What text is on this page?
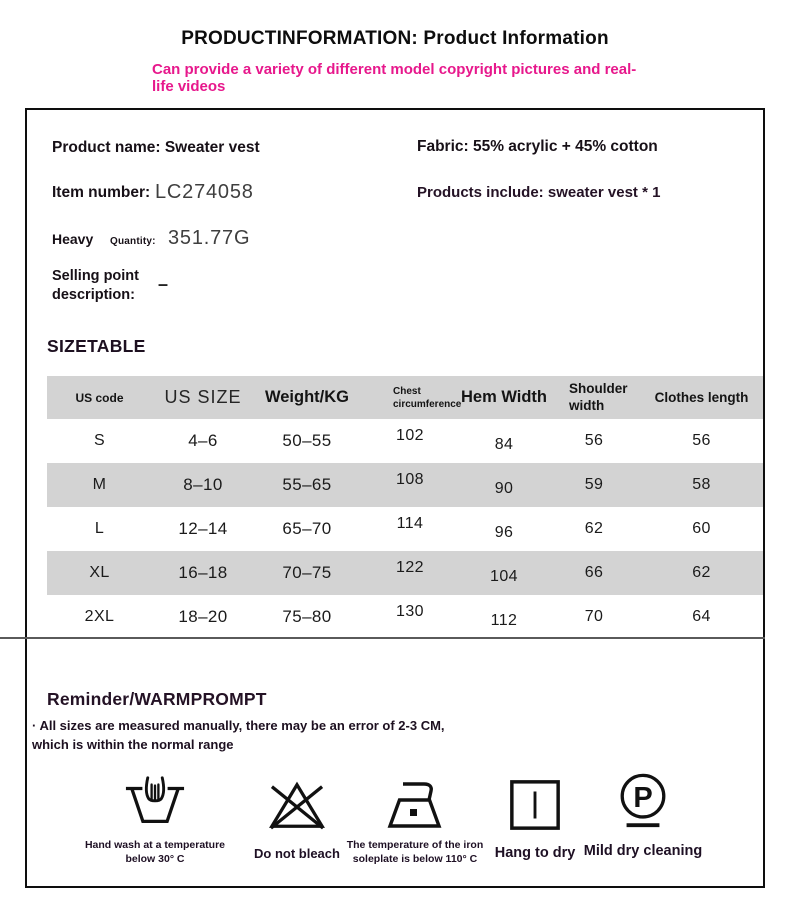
PRODUCTINFORMATION: Product Information
Can provide a variety of different model copyright pictures and real-life videos
Product name: Sweater vest	Fabric: 55% acrylic + 45% cotton
Item number: LC274058	Products include: sweater vest * 1
Heavy Quantity: 351.77G
Selling point description:
–
SIZETABLE
US code	US SIZE	Weight/KG	Chest circumference	Hem Width	Shoulder width	Clothes length
S	4–6	50–55	102	84	56	56
M	8–10	55–65	108	90	59	58
L	12–14	65–70	114	96	62	60
XL	16–18	70–75	122	104	66	62
2XL	18–20	75–80	130	112	70	64
Reminder/WARMPROMPT
· All sizes are measured manually, there may be an error of 2-3 CM, which is within the normal range
Hand wash at a temperature below 30° C	Do not bleach
The temperature of the iron soleplate is below 110° C	Hang to dry
P
Mild dry cleaning
